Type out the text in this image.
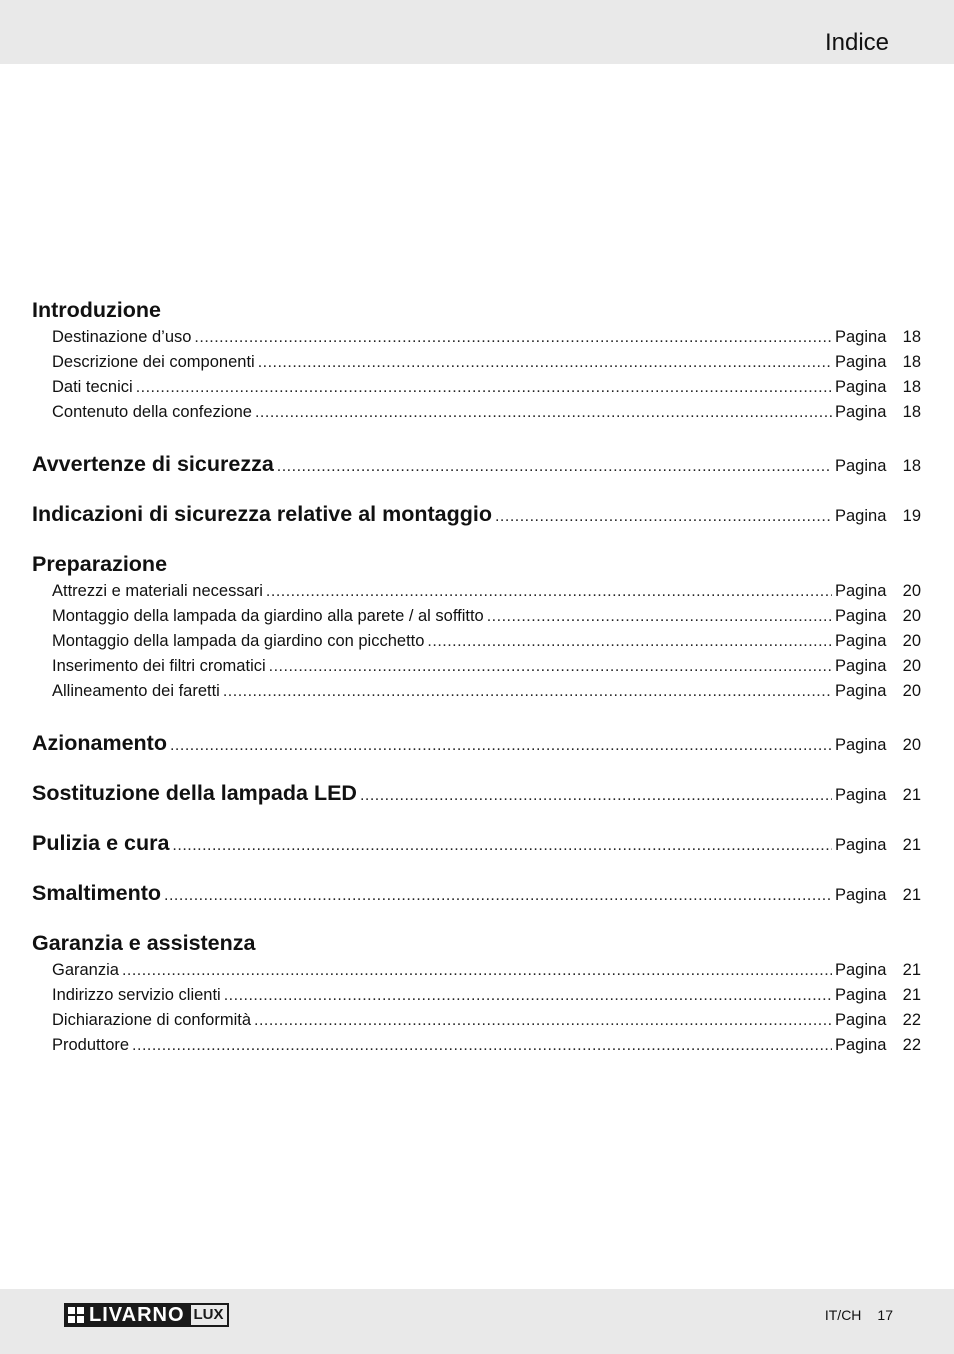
Indice
Introduzione
Destinazione d’uso .....	Pagina 18
Descrizione dei componenti .....	Pagina 18
Dati tecnici .....	Pagina 18
Contenuto della confezione .....	Pagina 18
Avvertenze di sicurezza .....	Pagina 18
Indicazioni di sicurezza relative al montaggio .....	Pagina 19
Preparazione
Attrezzi e materiali necessari .....	Pagina 20
Montaggio della lampada da giardino alla parete / al soffitto .....	Pagina 20
Montaggio della lampada da giardino con picchetto .....	Pagina 20
Inserimento dei filtri cromatici .....	Pagina 20
Allineamento dei faretti .....	Pagina 20
Azionamento .....	Pagina 20
Sostituzione della lampada LED .....	Pagina 21
Pulizia e cura .....	Pagina 21
Smaltimento .....	Pagina 21
Garanzia e assistenza
Garanzia .....	Pagina 21
Indirizzo servizio clienti .....	Pagina 21
Dichiarazione di conformità .....	Pagina 22
Produttore .....	Pagina 22
LIVARNO LUX	IT/CH 17
